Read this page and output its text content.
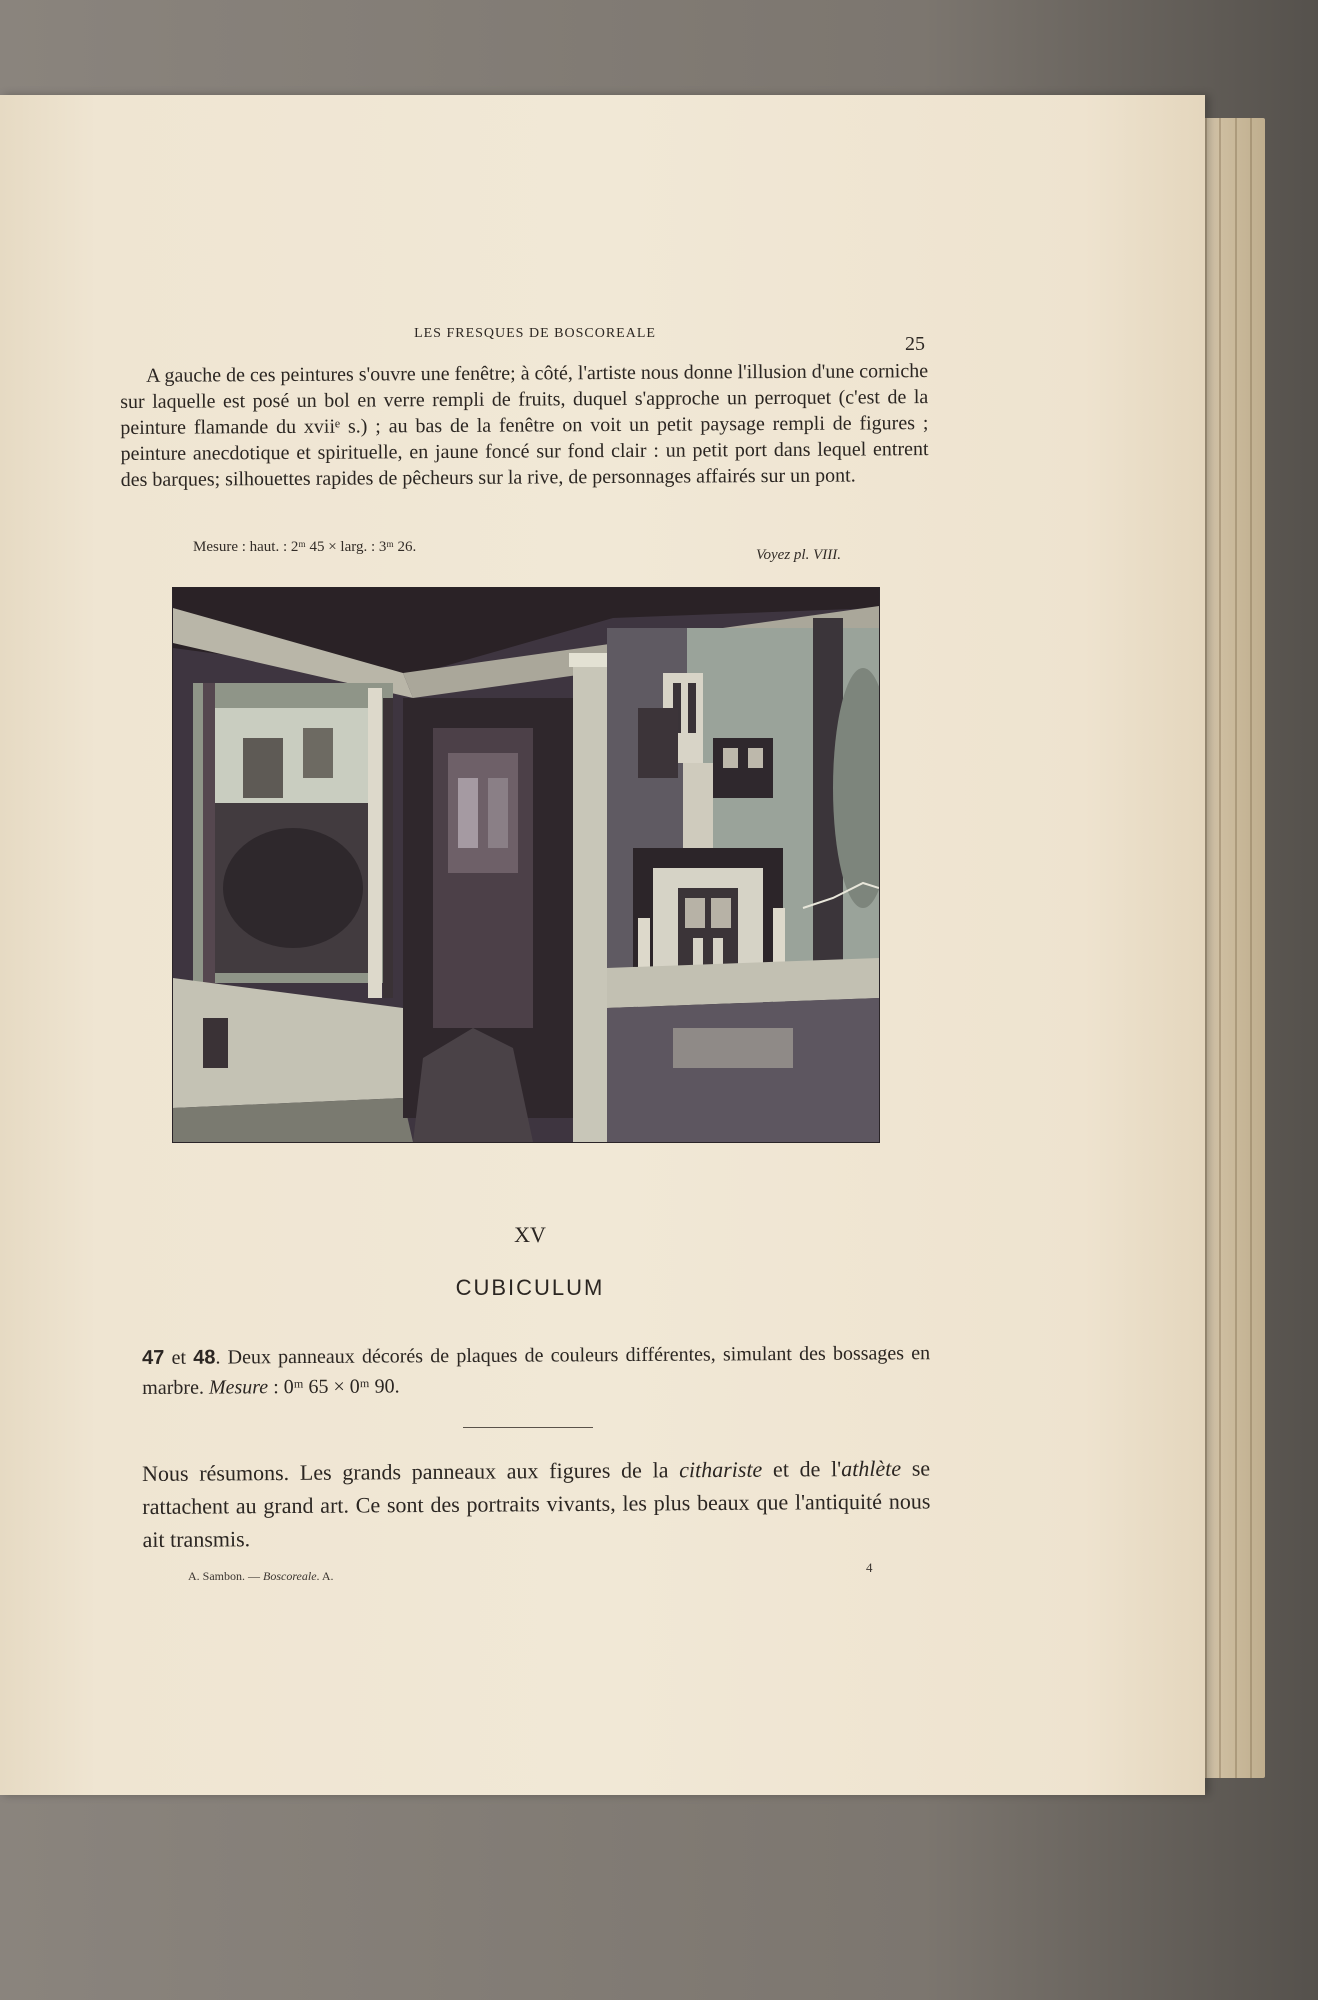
LES FRESQUES DE BOSCOREALE	25

A gauche de ces peintures s'ouvre une fenêtre; à côté, l'artiste nous donne l'illusion d'une corniche sur laquelle est posé un bol en verre rempli de fruits, duquel s'approche un perroquet (c'est de la peinture flamande du xviiᵉ s.) ; au bas de la fenêtre on voit un petit paysage rempli de figures ; peinture anecdotique et spirituelle, en jaune foncé sur fond clair : un petit port dans lequel entrent des barques; silhouettes rapides de pêcheurs sur la rive, de personnages affairés sur un pont.

Mesure : haut. : 2ᵐ 45 × larg. : 3ᵐ 26.	Voyez pl. VIII.
XV
CUBICULUM
47 et 48. Deux panneaux décorés de plaques de couleurs différentes, simulant des bossages en marbre. Mesure : 0ᵐ 65 × 0ᵐ 90.

Nous résumons. Les grands panneaux aux figures de la cithariste et de l'athlète se rattachent au grand art. Ce sont des portraits vivants, les plus beaux que l'antiquité nous ait transmis.

A. Sambon. — Boscoreale. A.
4
